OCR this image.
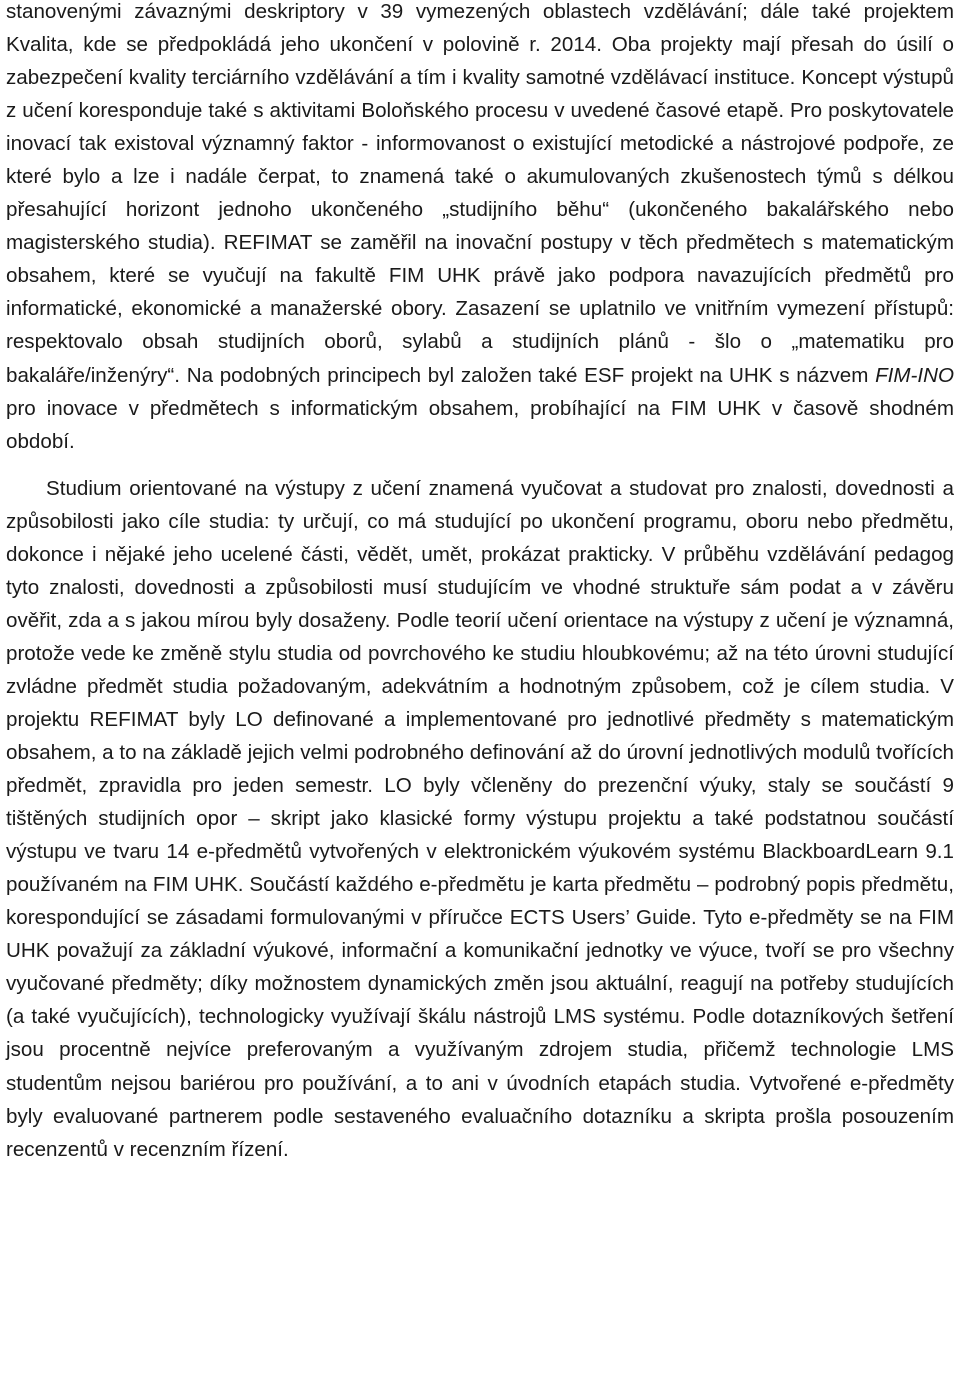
stanovenými závaznými deskriptory v 39 vymezených oblastech vzdělávání; dále také projektem Kvalita, kde se předpokládá jeho ukončení v polovině r. 2014. Oba projekty mají přesah do úsilí o zabezpečení kvality terciárního vzdělávání a tím i kvality samotné vzdělávací instituce. Koncept výstupů z učení koresponduje také s aktivitami Boloňského procesu v uvedené časové etapě. Pro poskytovatele inovací tak existoval významný faktor - informovanost o existující metodické a nástrojové podpoře, ze které bylo a lze i nadále čerpat, to znamená také o akumulovaných zkušenostech týmů s délkou přesahující horizont jednoho ukončeného „studijního běhu“ (ukončeného bakalářského nebo magisterského studia). REFIMAT se zaměřil na inovační postupy v těch předmětech s matematickým obsahem, které se vyučují na fakultě FIM UHK právě jako podpora navazujících předmětů pro informatické, ekonomické a manažerské obory. Zasazení se uplatnilo ve vnitřním vymezení přístupů: respektovalo obsah studijních oborů, sylabů a studijních plánů - šlo o „matematiku pro bakaláře/inženýry“. Na podobných principech byl založen také ESF projekt na UHK s názvem FIM-INO pro inovace v předmětech s informatickým obsahem, probíhající na FIM UHK v časově shodném období.

Studium orientované na výstupy z učení znamená vyučovat a studovat pro znalosti, dovednosti a způsobilosti jako cíle studia: ty určují, co má studující po ukončení programu, oboru nebo předmětu, dokonce i nějaké jeho ucelené části, vědět, umět, prokázat prakticky. V průběhu vzdělávání pedagog tyto znalosti, dovednosti a způsobilosti musí studujícím ve vhodné struktuře sám podat a v závěru ověřit, zda a s jakou mírou byly dosaženy. Podle teorií učení orientace na výstupy z učení je významná, protože vede ke změně stylu studia od povrchového ke studiu hloubkovému; až na této úrovni studující zvládne předmět studia požadovaným, adekvátním a hodnotným způsobem, což je cílem studia. V projektu REFIMAT byly LO definované a implementované pro jednotlivé předměty s matematickým obsahem, a to na základě jejich velmi podrobného definování až do úrovní jednotlivých modulů tvořících předmět, zpravidla pro jeden semestr. LO byly včleněny do prezenční výuky, staly se součástí 9 tištěných studijních opor – skript jako klasické formy výstupu projektu a také podstatnou součástí výstupu ve tvaru 14 e-předmětů vytvořených v elektronickém výukovém systému BlackboardLearn 9.1 používaném na FIM UHK. Součástí každého e-předmětu je karta předmětu – podrobný popis předmětu, korespondující se zásadami formulovanými v příručce ECTS Users’ Guide. Tyto e-předměty se na FIM UHK považují za základní výukové, informační a komunikační jednotky ve výuce, tvoří se pro všechny vyučované předměty; díky možnostem dynamických změn jsou aktuální, reagují na potřeby studujících (a také vyučujících), technologicky využívají škálu nástrojů LMS systému. Podle dotazníkových šetření jsou procentně nejvíce preferovaným a využívaným zdrojem studia, přičemž technologie LMS studentům nejsou bariérou pro používání, a to ani v úvodních etapách studia. Vytvořené e-předměty byly evaluované partnerem podle sestaveného evaluačního dotazníku a skripta prošla posouzením recenzentů v recenzním řízení.
